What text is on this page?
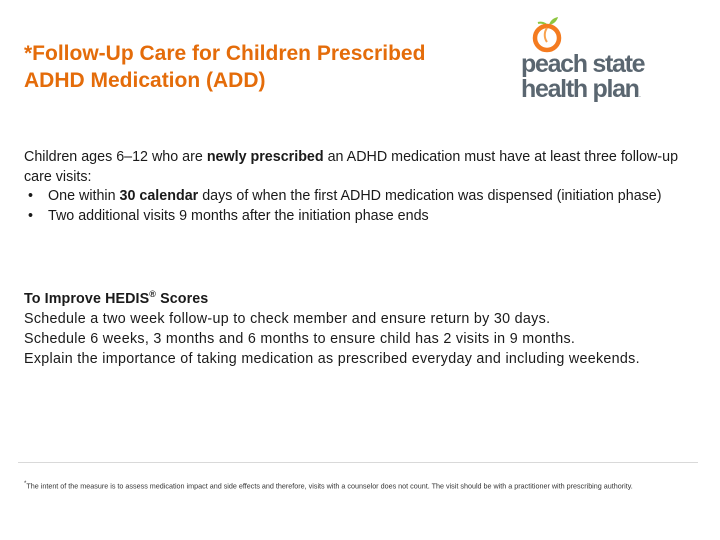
*Follow-Up Care for Children Prescribed
ADHD Medication (ADD)
peach state
health plan .

Children ages 6–12 who are newly prescribed an ADHD medication must have at least three follow-up care visits:

• One within 30 calendar days of when the first ADHD medication was dispensed (initiation phase)
• Two additional visits 9 months after the initiation phase ends

To Improve HEDIS® Scores

Schedule a two week follow-up to check member and ensure return by 30 days.

Schedule 6 weeks, 3 months and 6 months to ensure child has 2 visits in 9 months.

Explain the importance of taking medication as prescribed everyday and including weekends.

*The intent of the measure is to assess medication impact and side effects and therefore, visits with a counselor does not count. The visit should be with a practitioner with prescribing authority.
